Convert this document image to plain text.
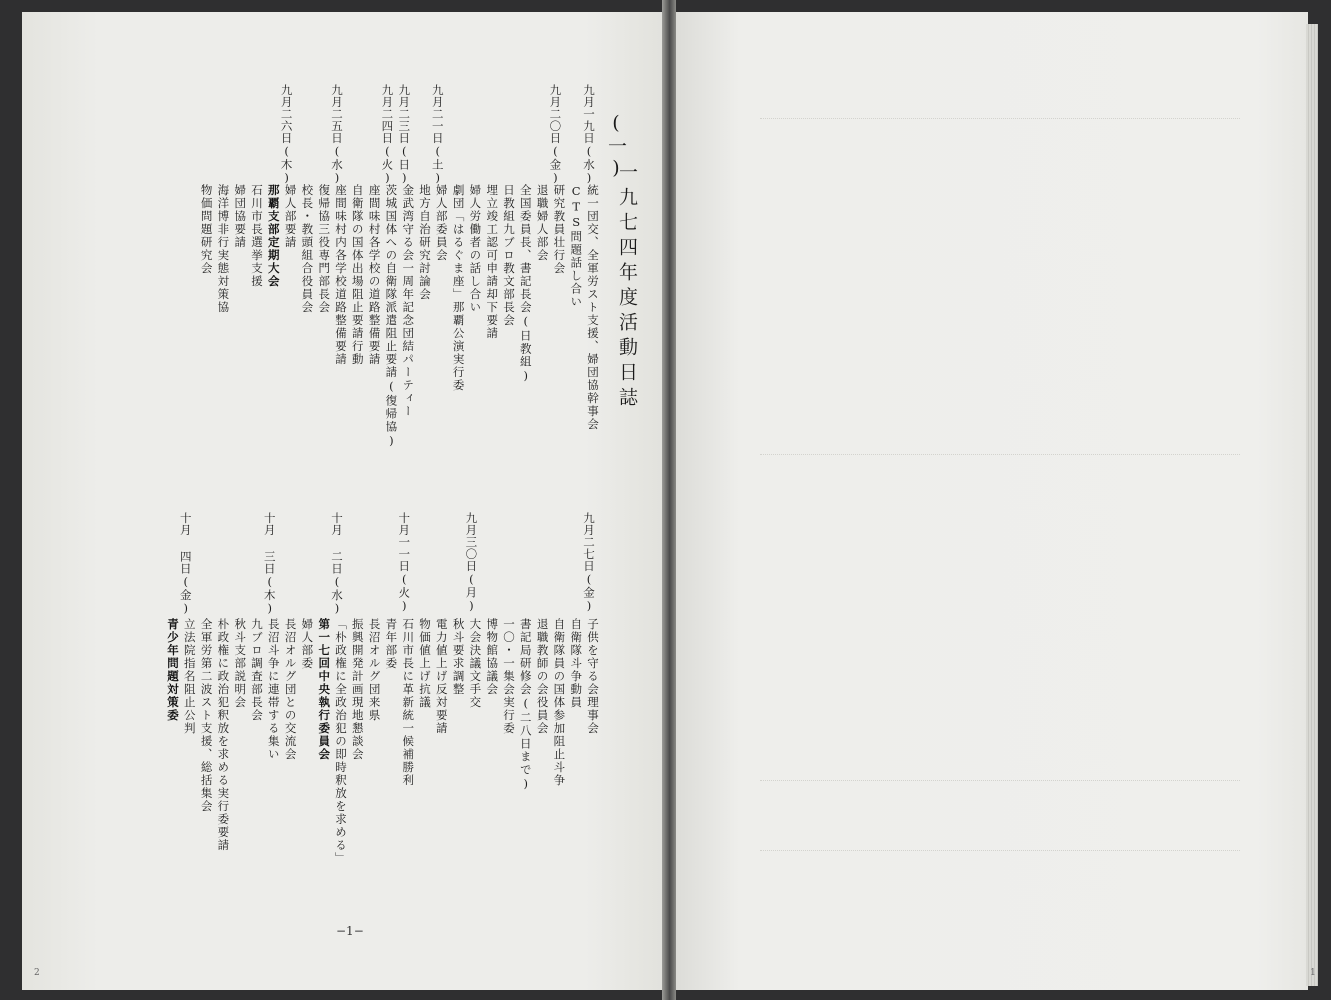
(一)
一九七四年度活動日誌
九月一九日(水)
統一団交、全軍労スト支援、婦団協幹事会
CTS問題話し合い
九月二〇日(金)
研究教員壮行会
退職婦人部会
全国委員長、書記長会(日教組)
日教組九ブロ教文部長会
埋立竣工認可申請却下要請
婦人労働者の話し合い
劇団「はるぐま座」那覇公演実行委
九月二一日(土)
婦人部委員会
地方自治研究討論会
九月二三日(日)
金武湾守る会一周年記念団結パーティー
九月二四日(火)
茨城国体への自衛隊派遣阻止要請(復帰協)
座間味村各学校の道路整備要請
自衛隊の国体出場阻止要請行動
九月二五日(水)
座間味村内各学校道路整備要請
復帰協三役専門部長会
校長・教頭組合役員会
九月二六日(木)
婦人部要請
那覇支部定期大会
石川市長選挙支援
婦団協要請
海洋博非行実態対策協
物価問題研究会
九月二七日(金)
子供を守る会理事会
自衛隊斗争動員
自衛隊員の国体参加阻止斗争
退職教師の会役員会
書記局研修会(二八日まで)
一〇・一集会実行委
博物館協議会
九月三〇日(月)
大会決議文手交
秋斗要求調整
電力値上げ反対要請
物価値上げ抗議
十月一一日(火)
石川市長に革新統一候補勝利
青年部委
長沼オルグ団来県
振興開発計画現地懇談会
十月 二日(水)
「朴政権に全政治犯の即時釈放を求める」
第一七回中央執行委員会
婦人部委
長沼オルグ団との交流会
十月 三日(木)
長沼斗争に連帯する集い
九ブロ調査部長会
秋斗支部説明会
朴政権に政治犯釈放を求める実行委要請
全軍労第二波スト支援、総括集会
十月 四日(金)
立法院指名阻止公判
青少年問題対策委
−1−
2	1
